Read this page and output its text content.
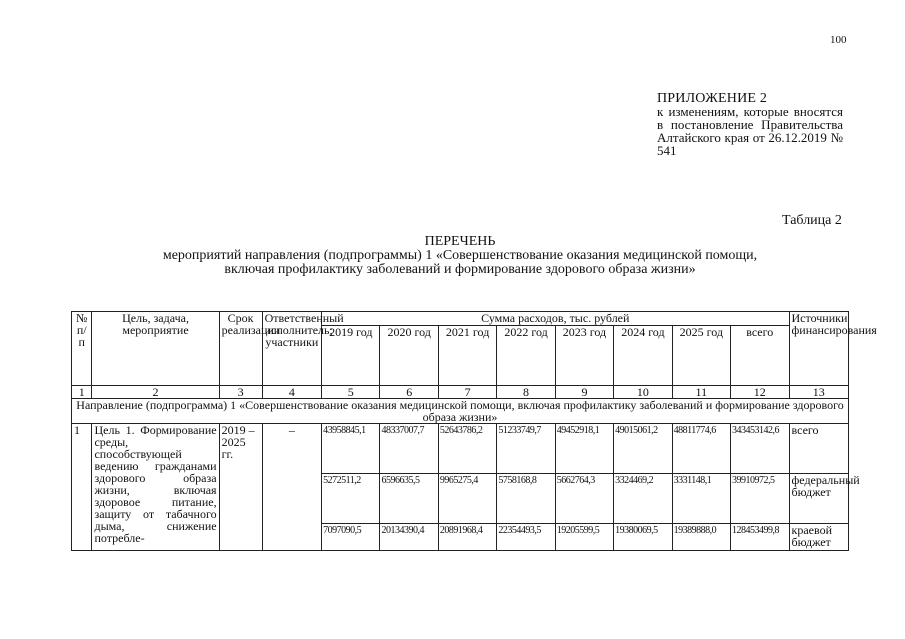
100
ПРИЛОЖЕНИЕ 2
к изменениям, которые вносятся в постановление Правительства Алтайского края от 26.12.2019 № 541
Таблица 2
ПЕРЕЧЕНЬ
мероприятий направления (подпрограммы) 1 «Совершенствование оказания медицинской помощи,
включая профилактику заболеваний и формирование здорового образа жизни»
№ п/п	Цель, задача, мероприятие	Срок реализации	Ответственный исполнитель; участники	Сумма расходов, тыс. рублей								Источники финансирования
				2019 год	2020 год	2021 год	2022 год	2023 год	2024 год	2025 год	всего	
1	2	3	4	5	6	7	8	9	10	11	12	13
Направление (подпрограмма) 1 «Совершенствование оказания медицинской помощи, включая профилактику заболеваний и формирование здорового образа жизни»												
1	Цель 1. Формирование среды, способствующей ведению гражданами здорового образа жизни, включая здоровое питание, защиту от табачного дыма, снижение потребле-	2019 – 2025 гг.	–	43958845,1	48337007,7	52643786,2	51233749,7	49452918,1	49015061,2	48811774,6	343453142,6	всего
				5272511,2	6596635,5	9965275,4	5758168,8	5662764,3	3324469,2	3331148,1	39910972,5	федеральный бюджет
				7097090,5	20134390,4	20891968,4	22354493,5	19205599,5	19380069,5	19389888,0	128453499,8	краевой бюджет
